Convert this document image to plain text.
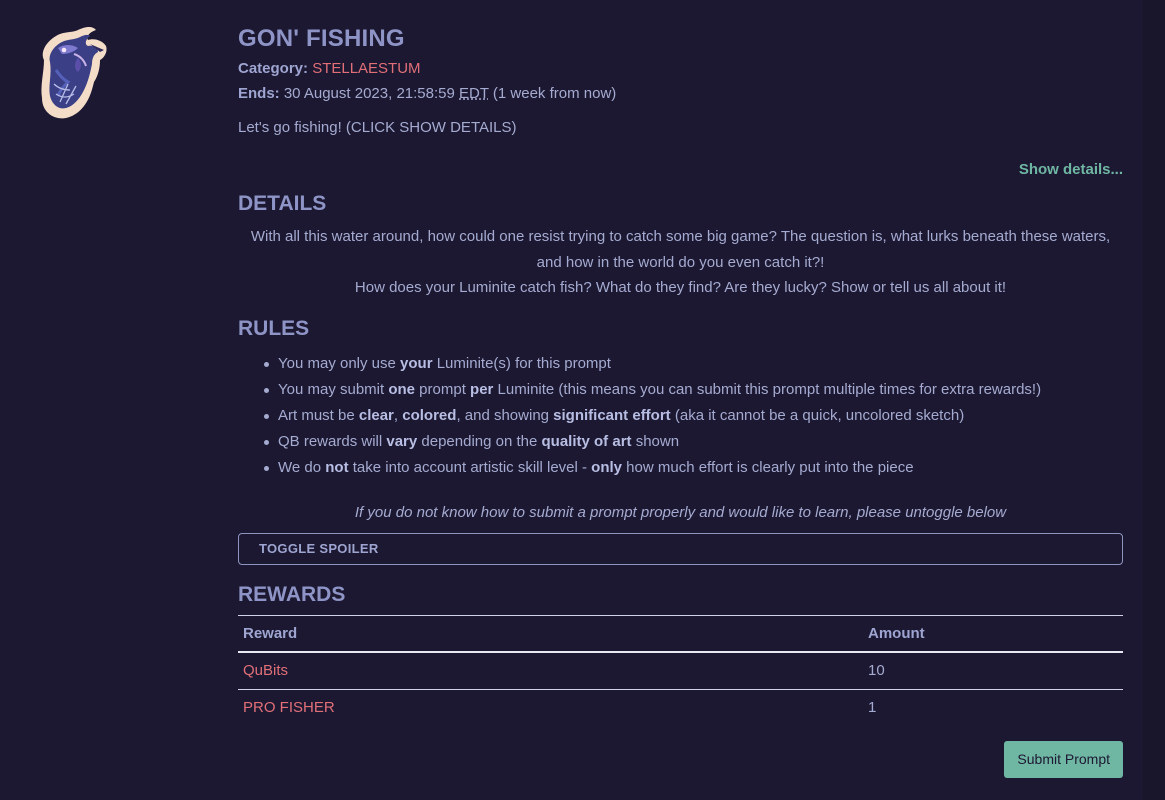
GON' FISHING
Category: STELLAESTUM
Ends: 30 August 2023, 21:58:59 EDT (1 week from now)
Let's go fishing! (CLICK SHOW DETAILS)
Show details...
DETAILS
With all this water around, how could one resist trying to catch some big game? The question is, what lurks beneath these waters, and how in the world do you even catch it?!
How does your Luminite catch fish? What do they find? Are they lucky? Show or tell us all about it!
RULES
You may only use your Luminite(s) for this prompt
You may submit one prompt per Luminite (this means you can submit this prompt multiple times for extra rewards!)
Art must be clear, colored, and showing significant effort (aka it cannot be a quick, uncolored sketch)
QB rewards will vary depending on the quality of art shown
We do not take into account artistic skill level - only how much effort is clearly put into the piece
If you do not know how to submit a prompt properly and would like to learn, please untoggle below
TOGGLE SPOILER
REWARDS
Reward	Amount
QuBits	10
PRO FISHER	1
Submit Prompt
